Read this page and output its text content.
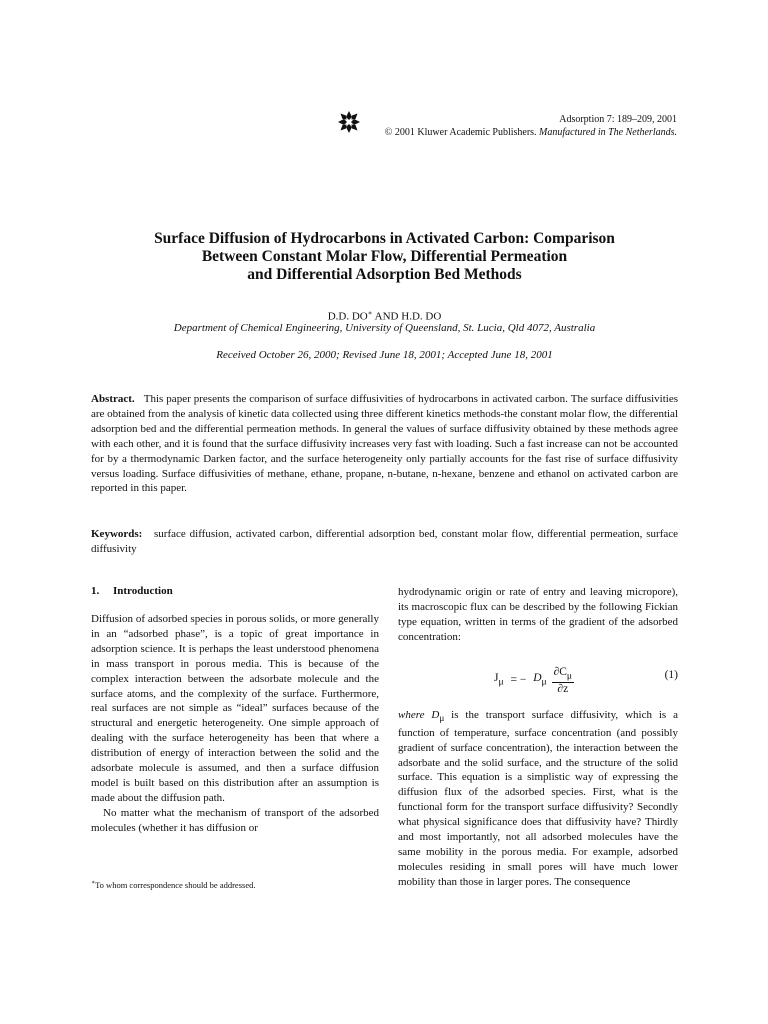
Adsorption 7: 189–209, 2001
© 2001 Kluwer Academic Publishers. Manufactured in The Netherlands.
Surface Diffusion of Hydrocarbons in Activated Carbon: Comparison
Between Constant Molar Flow, Differential Permeation
and Differential Adsorption Bed Methods
D.D. DO∗ AND H.D. DO
Department of Chemical Engineering, University of Queensland, St. Lucia, Qld 4072, Australia
Received October 26, 2000; Revised June 18, 2001; Accepted June 18, 2001
Abstract. This paper presents the comparison of surface diffusivities of hydrocarbons in activated carbon. The surface diffusivities are obtained from the analysis of kinetic data collected using three different kinetics methods-the constant molar flow, the differential adsorption bed and the differential permeation methods. In general the values of surface diffusivity obtained by these methods agree with each other, and it is found that the surface diffusivity increases very fast with loading. Such a fast increase can not be accounted for by a thermodynamic Darken factor, and the surface heterogeneity only partially accounts for the fast rise of surface diffusivity versus loading. Surface diffusivities of methane, ethane, propane, n-butane, n-hexane, benzene and ethanol on activated carbon are reported in this paper.
Keywords: surface diffusion, activated carbon, differential adsorption bed, constant molar flow, differential permeation, surface diffusivity
1. Introduction

Diffusion of adsorbed species in porous solids, or more generally in an “adsorbed phase”, is a topic of great importance in adsorption science. It is perhaps the least understood phenomena in mass transport in porous media. This is because of the complex interaction between the adsorbate molecule and the surface atoms, and the complexity of the surface. Furthermore, real surfaces are not simple as “ideal” surfaces because of the structural and energetic heterogeneity. One simple approach of dealing with the surface heterogeneity has been that where a distribution of energy of interaction between the solid and the adsorbate molecule is assumed, and then a surface diffusion model is built based on this distribution after an assumption is made about the diffusion path.

No matter what the mechanism of transport of the adsorbed molecules (whether it has diffusion or

hydrodynamic origin or rate of entry and leaving micropore), its macroscopic flux can be described by the following Fickian type equation, written in terms of the gradient of the adsorbed concentration:

$J_\mu$ = − $D_\mu \frac{\partial C_\mu}{\partial z}$	(1)

where $D_\mu$ is the transport surface diffusivity, which is a function of temperature, surface concentration (and possibly gradient of surface concentration), the interaction between the adsorbate and the solid surface, and the structure of the solid surface. This equation is a simplistic way of expressing the diffusion flux of the adsorbed species. First, what is the functional form for the transport surface diffusivity? Secondly what physical significance does that diffusivity have? Thirdly and most importantly, not all adsorbed molecules have the same mobility in the porous media. For example, adsorbed molecules residing in small pores will have much lower mobility than those in larger pores. The consequence

∗To whom correspondence should be addressed.
